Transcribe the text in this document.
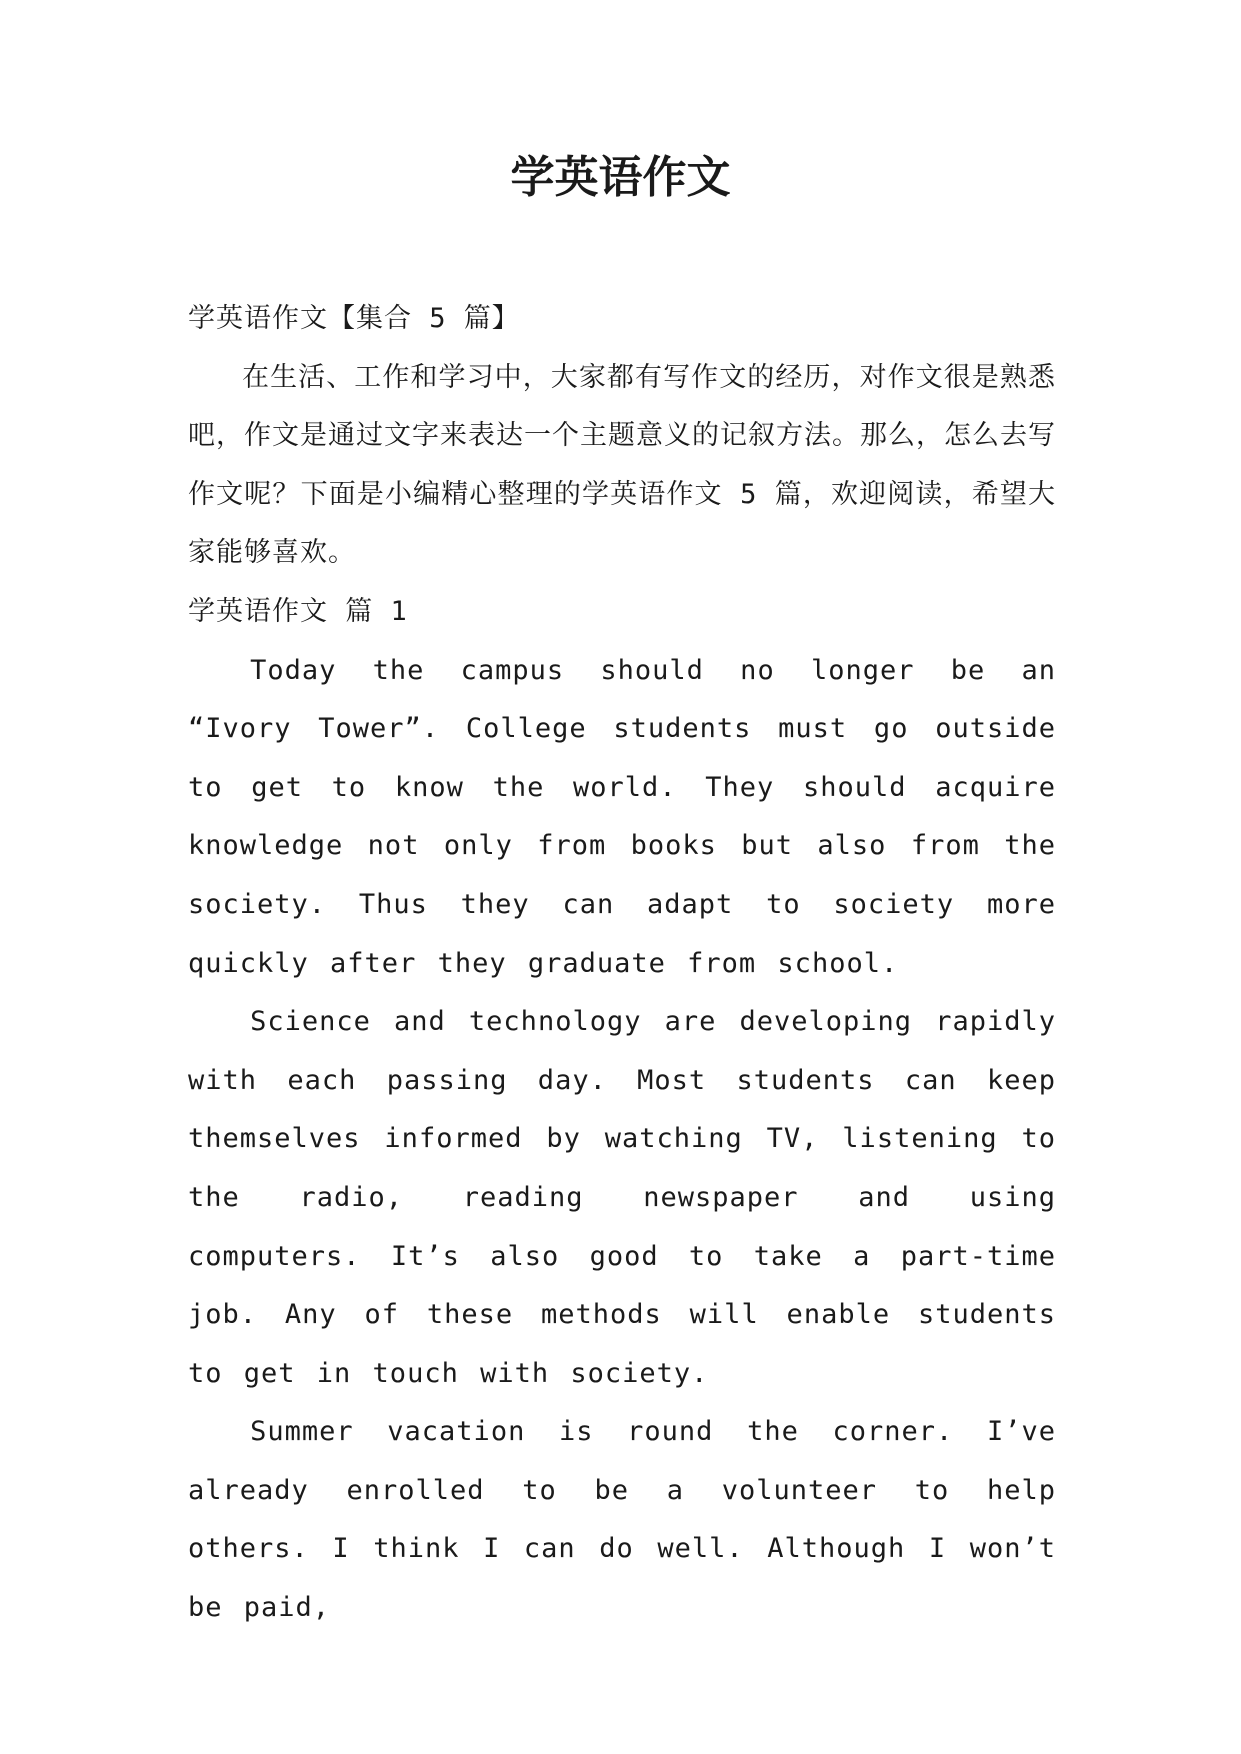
学英语作文

学英语作文【集合 5 篇】

在生活、工作和学习中，大家都有写作文的经历，对作文很是熟悉吧，作文是通过文字来表达一个主题意义的记叙方法。那么，怎么去写作文呢？下面是小编精心整理的学英语作文 5 篇，欢迎阅读，希望大家能够喜欢。

学英语作文 篇 1

Today the campus should no longer be an “Ivory Tower”. College students must go outside to get to know the world. They should acquire knowledge not only from books but also from the society. Thus they can adapt to society more quickly after they graduate from school.

Science and technology are developing rapidly with each passing day. Most students can keep themselves informed by watching TV, listening to the radio, reading newspaper and using computers. It’s also good to take a part-time job. Any of these methods will enable students to get in touch with society.

Summer vacation is round the corner. I’ve already enrolled to be a volunteer to help others. I think I can do well. Although I won’t be paid,
